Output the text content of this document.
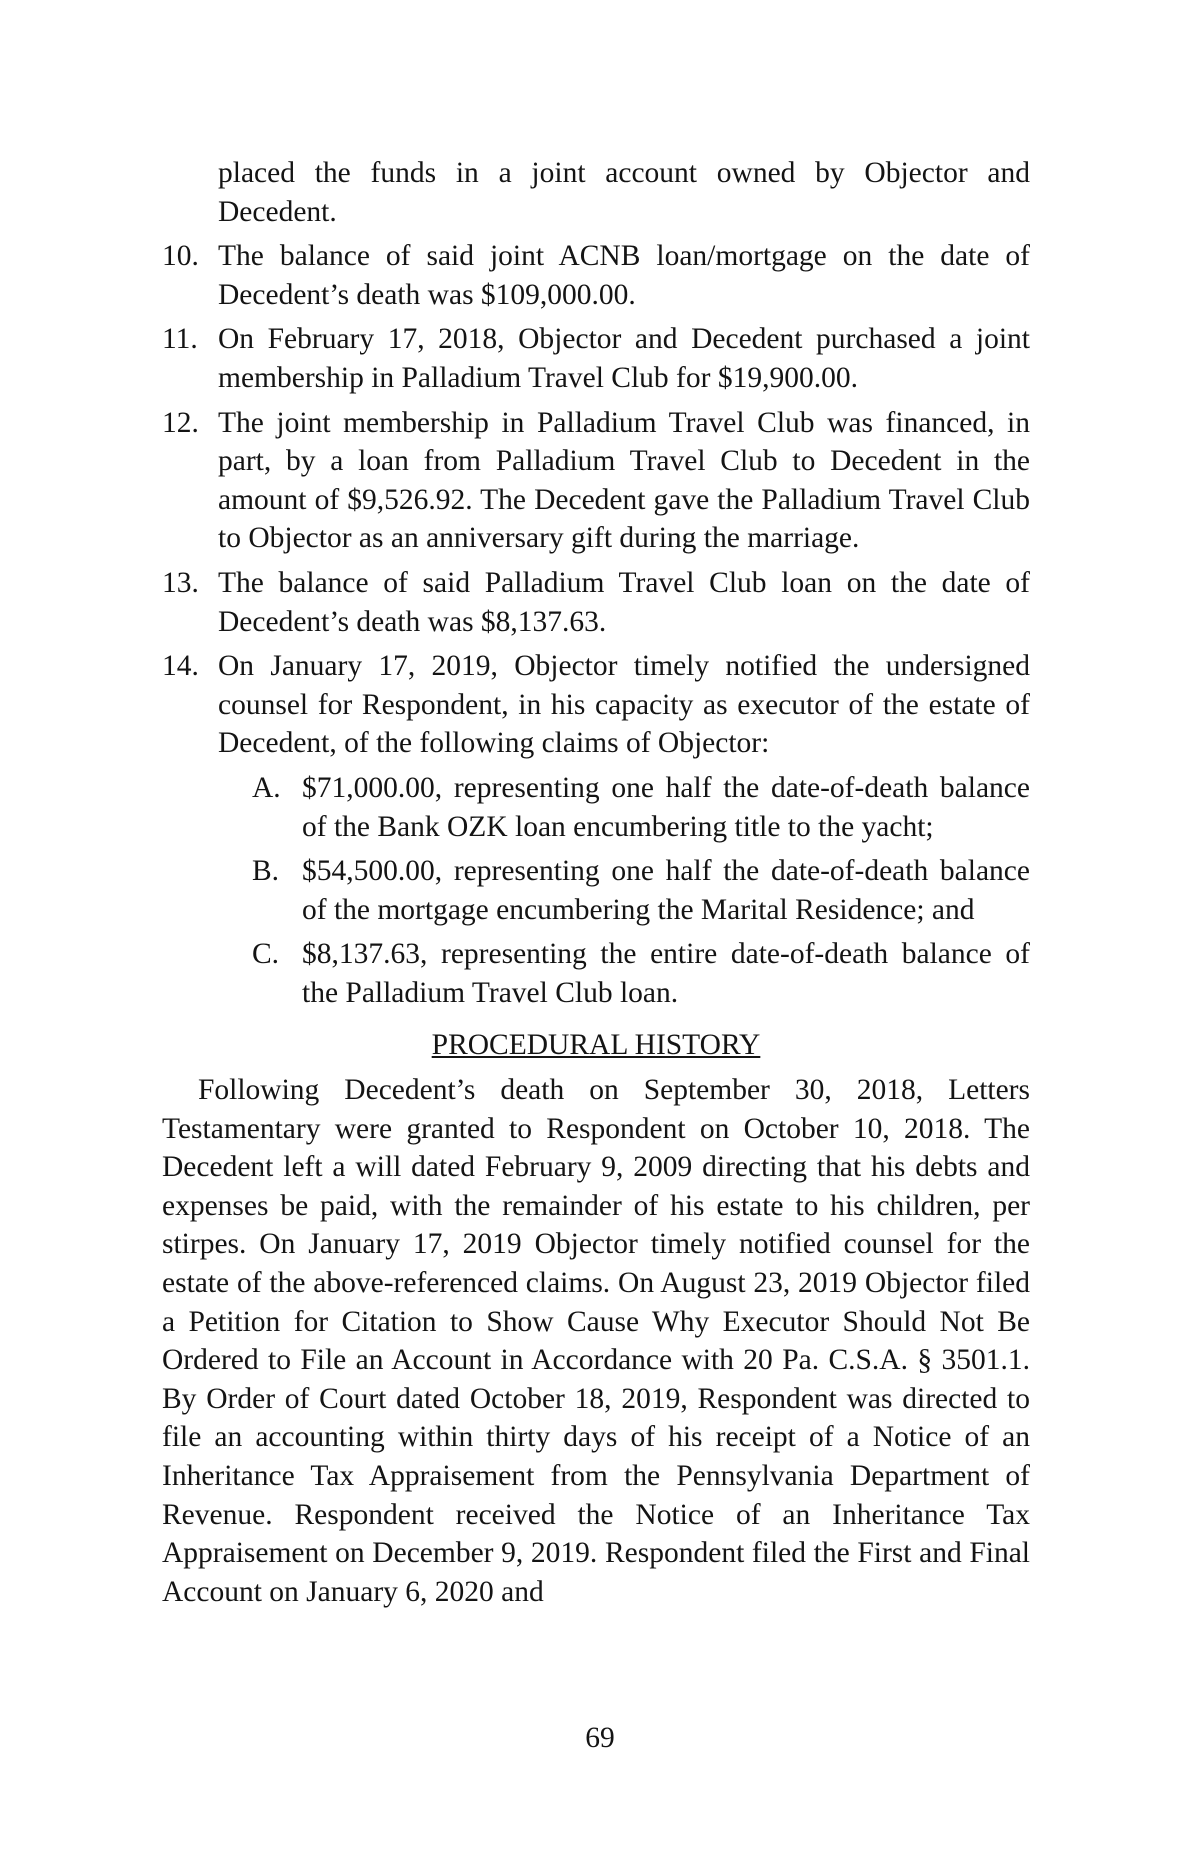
placed the funds in a joint account owned by Objector and Decedent.
10. The balance of said joint ACNB loan/mortgage on the date of Decedent’s death was $109,000.00.
11. On February 17, 2018, Objector and Decedent purchased a joint membership in Palladium Travel Club for $19,900.00.
12. The joint membership in Palladium Travel Club was financed, in part, by a loan from Palladium Travel Club to Decedent in the amount of $9,526.92. The Decedent gave the Palladium Travel Club to Objector as an anniversary gift during the marriage.
13. The balance of said Palladium Travel Club loan on the date of Decedent’s death was $8,137.63.
14. On January 17, 2019, Objector timely notified the undersigned counsel for Respondent, in his capacity as executor of the estate of Decedent, of the following claims of Objector:
A. $71,000.00, representing one half the date-of-death balance of the Bank OZK loan encumbering title to the yacht;
B. $54,500.00, representing one half the date-of-death balance of the mortgage encumbering the Marital Residence; and
C. $8,137.63, representing the entire date-of-death balance of the Palladium Travel Club loan.
PROCEDURAL HISTORY
Following Decedent’s death on September 30, 2018, Letters Testamentary were granted to Respondent on October 10, 2018. The Decedent left a will dated February 9, 2009 directing that his debts and expenses be paid, with the remainder of his estate to his children, per stirpes. On January 17, 2019 Objector timely notified counsel for the estate of the above-referenced claims. On August 23, 2019 Objector filed a Petition for Citation to Show Cause Why Executor Should Not Be Ordered to File an Account in Accordance with 20 Pa. C.S.A. § 3501.1. By Order of Court dated October 18, 2019, Respondent was directed to file an accounting within thirty days of his receipt of a Notice of an Inheritance Tax Appraisement from the Pennsylvania Department of Revenue. Respondent received the Notice of an Inheritance Tax Appraisement on December 9, 2019. Respondent filed the First and Final Account on January 6, 2020 and
69
